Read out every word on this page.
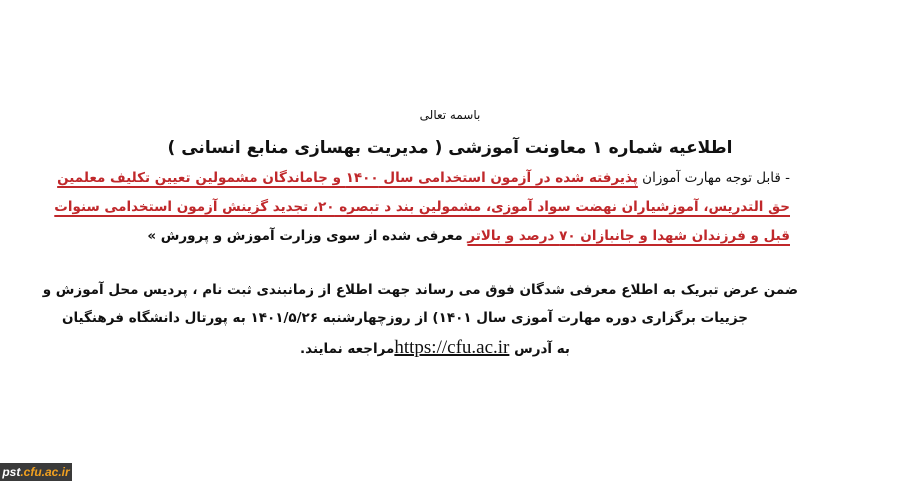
باسمه تعالی
اطلاعیه شماره ۱ معاونت آموزشی ( مدیریت بهسازی منابع انسانی )
- قابل توجه مهارت آموزان پذیرفته شده در آزمون استخدامی سال ۱۴۰۰ و جاماندگان مشمولین تعیین تکلیف معلمین
حق التدریس، آموزشیاران نهضت سواد آموزی، مشمولین بند د تبصره ۲۰، تجدید گزینش آزمون استخدامی سنوات
قبل و فرزندان شهدا و جانبازان ۷۰ درصد و بالاتر معرفی شده از سوی وزارت آموزش و پرورش »
ضمن عرض تبریک به اطلاع معرفی شدگان فوق می رساند جهت اطلاع از زمانبندی ثبت نام ، پردیس محل آموزش و
جزییات برگزاری دوره مهارت آموزی سال ۱۴۰۱) از روزچهارشنبه ۱۴۰۱/۵/۲۶ به پورتال دانشگاه فرهنگیان
به آدرس https://cfu.ac.irمراجعه نمایند.
pst.cfu.ac.ir
